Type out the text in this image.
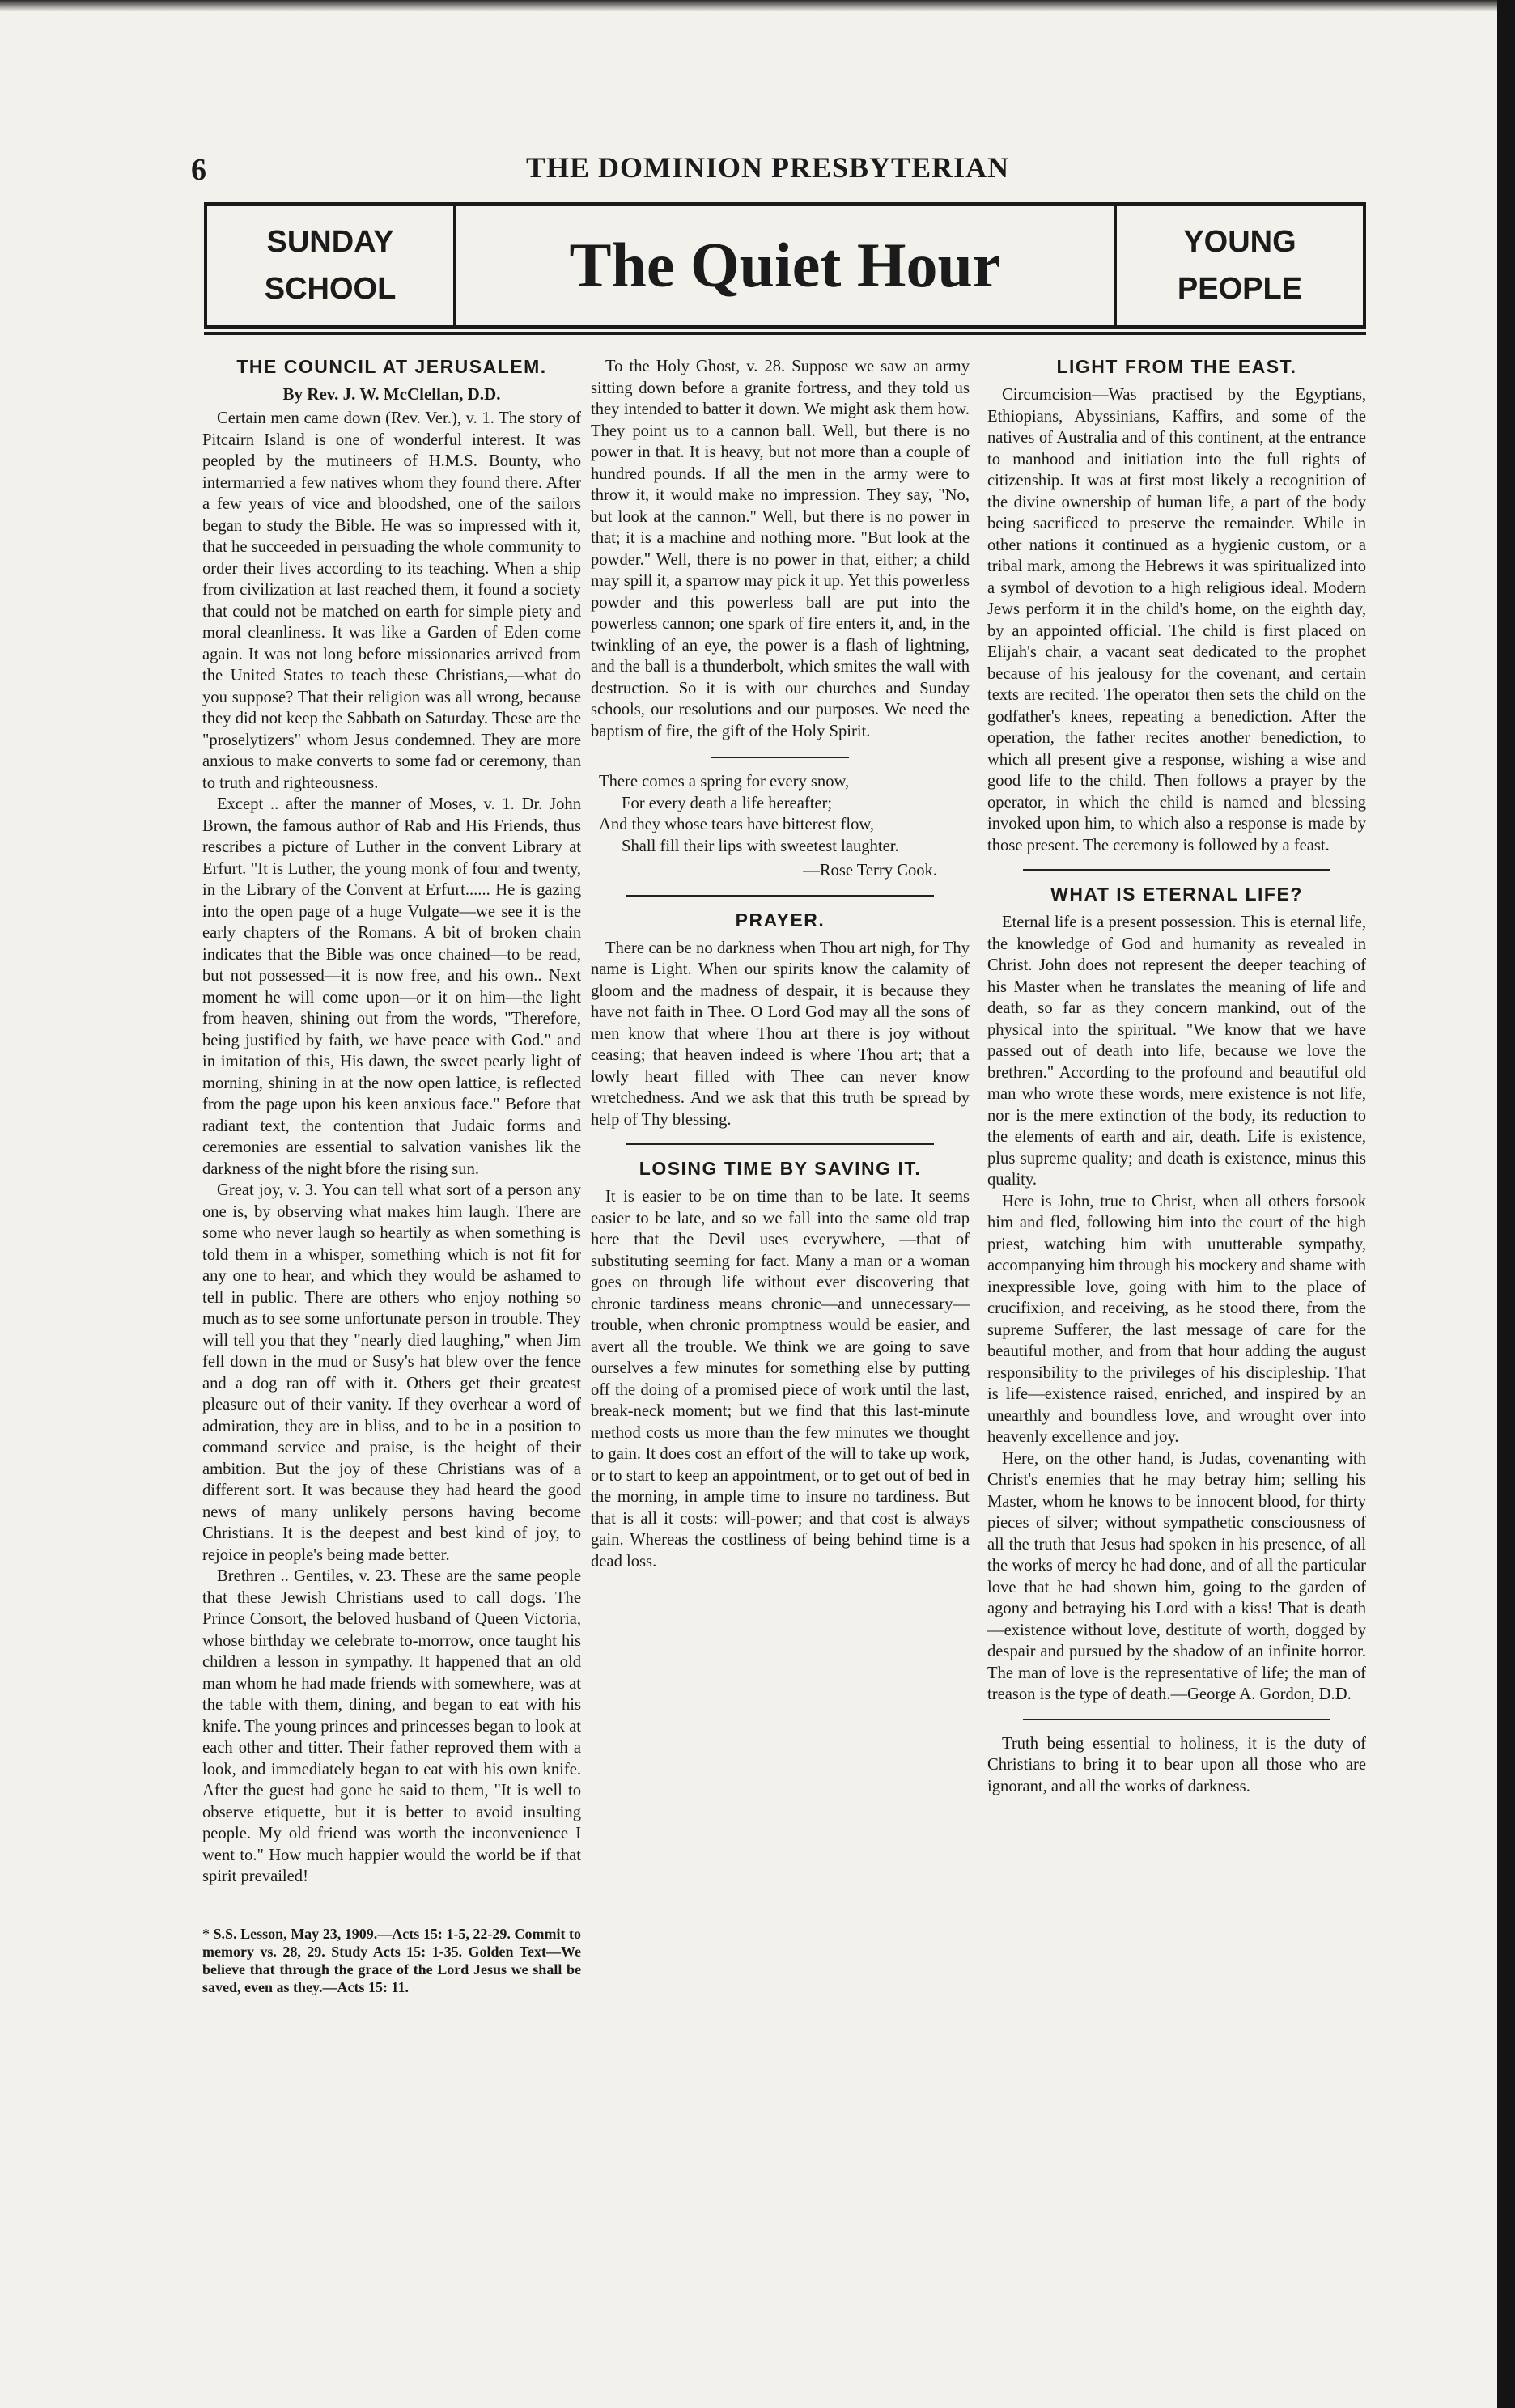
6	THE DOMINION PRESBYTERIAN
SUNDAY
SCHOOL	The Quiet Hour	YOUNG
PEOPLE
THE COUNCIL AT JERUSALEM.
By Rev. J. W. McClellan, D.D.

Certain men came down (Rev. Ver.), v. 1. The story of Pitcairn Island is one of wonderful interest. It was peopled by the mutineers of H.M.S. Bounty, who intermarried a few natives whom they found there. After a few years of vice and bloodshed, one of the sailors began to study the Bible. He was so impressed with it, that he succeeded in persuading the whole community to order their lives according to its teaching. When a ship from civilization at last reached them, it found a society that could not be matched on earth for simple piety and moral cleanliness. It was like a Garden of Eden come again. It was not long before missionaries arrived from the United States to teach these Christians,—what do you suppose? That their religion was all wrong, because they did not keep the Sabbath on Saturday. These are the "proselytizers" whom Jesus condemned. They are more anxious to make converts to some fad or ceremony, than to truth and righteousness.

Except .. after the manner of Moses, v. 1. Dr. John Brown, the famous author of Rab and His Friends, thus rescribes a picture of Luther in the convent Library at Erfurt. "It is Luther, the young monk of four and twenty, in the Library of the Convent at Erfurt...... He is gazing into the open page of a huge Vulgate—we see it is the early chapters of the Romans. A bit of broken chain indicates that the Bible was once chained—to be read, but not possessed—it is now free, and his own.. Next moment he will come upon—or it on him—the light from heaven, shining out from the words, "Therefore, being justified by faith, we have peace with God." and in imitation of this, His dawn, the sweet pearly light of morning, shining in at the now open lattice, is reflected from the page upon his keen anxious face." Before that radiant text, the contention that Judaic forms and ceremonies are essential to salvation vanishes lik the darkness of the night bfore the rising sun.

Great joy, v. 3. You can tell what sort of a person any one is, by observing what makes him laugh. There are some who never laugh so heartily as when something is told them in a whisper, something which is not fit for any one to hear, and which they would be ashamed to tell in public. There are others who enjoy nothing so much as to see some unfortunate person in trouble. They will tell you that they "nearly died laughing," when Jim fell down in the mud or Susy's hat blew over the fence and a dog ran off with it. Others get their greatest pleasure out of their vanity. If they overhear a word of admiration, they are in bliss, and to be in a position to command service and praise, is the height of their ambition. But the joy of these Christians was of a different sort. It was because they had heard the good news of many unlikely persons having become Christians. It is the deepest and best kind of joy, to rejoice in people's being made better.

Brethren .. Gentiles, v. 23. These are the same people that these Jewish Christians used to call dogs. The Prince Consort, the beloved husband of Queen Victoria, whose birthday we celebrate to-morrow, once taught his children a lesson in sympathy. It happened that an old man whom he had made friends with somewhere, was at the table with them, dining, and began to eat with his knife. The young princes and princesses began to look at each other and titter. Their father reproved them with a look, and immediately began to eat with his own knife. After the guest had gone he said to them, "It is well to observe etiquette, but it is better to avoid insulting people. My old friend was worth the inconvenience I went to." How much happier would the world be if that spirit prevailed!

To the Holy Ghost, v. 28. Suppose we saw an army sitting down before a granite fortress, and they told us they intended to batter it down. We might ask them how. They point us to a cannon ball. Well, but there is no power in that. It is heavy, but not more than a couple of hundred pounds. If all the men in the army were to throw it, it would make no impression. They say, "No, but look at the cannon." Well, but there is no power in that; it is a machine and nothing more. "But look at the powder." Well, there is no power in that, either; a child may spill it, a sparrow may pick it up. Yet this powerless powder and this powerless ball are put into the powerless cannon; one spark of fire enters it, and, in the twinkling of an eye, the power is a flash of lightning, and the ball is a thunderbolt, which smites the wall with destruction. So it is with our churches and Sunday schools, our resolutions and our purposes. We need the baptism of fire, the gift of the Holy Spirit.

There comes a spring for every snow,
For every death a life hereafter;
And they whose tears have bitterest flow,
Shall fill their lips with sweetest laughter.
—Rose Terry Cook.
PRAYER.

There can be no darkness when Thou art nigh, for Thy name is Light. When our spirits know the calamity of gloom and the madness of despair, it is because they have not faith in Thee. O Lord God may all the sons of men know that where Thou art there is joy without ceasing; that heaven indeed is where Thou art; that a lowly heart filled with Thee can never know wretchedness. And we ask that this truth be spread by help of Thy blessing.

LOSING TIME BY SAVING IT.

It is easier to be on time than to be late. It seems easier to be late, and so we fall into the same old trap here that the Devil uses everywhere, —that of substituting seeming for fact. Many a man or a woman goes on through life without ever discovering that chronic tardiness means chronic—and unnecessary—trouble, when chronic promptness would be easier, and avert all the trouble. We think we are going to save ourselves a few minutes for something else by putting off the doing of a promised piece of work until the last, break-neck moment; but we find that this last-minute method costs us more than the few minutes we thought to gain. It does cost an effort of the will to take up work, or to start to keep an appointment, or to get out of bed in the morning, in ample time to insure no tardiness. But that is all it costs: will-power; and that cost is always gain. Whereas the costliness of being behind time is a dead loss.

LIGHT FROM THE EAST.

Circumcision—Was practised by the Egyptians, Ethiopians, Abyssinians, Kaffirs, and some of the natives of Australia and of this continent, at the entrance to manhood and initiation into the full rights of citizenship. It was at first most likely a recognition of the divine ownership of human life, a part of the body being sacrificed to preserve the remainder. While in other nations it continued as a hygienic custom, or a tribal mark, among the Hebrews it was spiritualized into a symbol of devotion to a high religious ideal. Modern Jews perform it in the child's home, on the eighth day, by an appointed official. The child is first placed on Elijah's chair, a vacant seat dedicated to the prophet because of his jealousy for the covenant, and certain texts are recited. The operator then sets the child on the godfather's knees, repeating a benediction. After the operation, the father recites another benediction, to which all present give a response, wishing a wise and good life to the child. Then follows a prayer by the operator, in which the child is named and blessing invoked upon him, to which also a response is made by those present. The ceremony is followed by a feast.

WHAT IS ETERNAL LIFE?

Eternal life is a present possession. This is eternal life, the knowledge of God and humanity as revealed in Christ. John does not represent the deeper teaching of his Master when he translates the meaning of life and death, so far as they concern mankind, out of the physical into the spiritual. "We know that we have passed out of death into life, because we love the brethren." According to the profound and beautiful old man who wrote these words, mere existence is not life, nor is the mere extinction of the body, its reduction to the elements of earth and air, death. Life is existence, plus supreme quality; and death is existence, minus this quality.

Here is John, true to Christ, when all others forsook him and fled, following him into the court of the high priest, watching him with unutterable sympathy, accompanying him through his mockery and shame with inexpressible love, going with him to the place of crucifixion, and receiving, as he stood there, from the supreme Sufferer, the last message of care for the beautiful mother, and from that hour adding the august responsibility to the privileges of his discipleship. That is life—existence raised, enriched, and inspired by an unearthly and boundless love, and wrought over into heavenly excellence and joy.

Here, on the other hand, is Judas, covenanting with Christ's enemies that he may betray him; selling his Master, whom he knows to be innocent blood, for thirty pieces of silver; without sympathetic consciousness of all the truth that Jesus had spoken in his presence, of all the works of mercy he had done, and of all the particular love that he had shown him, going to the garden of agony and betraying his Lord with a kiss! That is death—existence without love, destitute of worth, dogged by despair and pursued by the shadow of an infinite horror. The man of love is the representative of life; the man of treason is the type of death.—George A. Gordon, D.D.

Truth being essential to holiness, it is the duty of Christians to bring it to bear upon all those who are ignorant, and all the works of darkness.

* S.S. Lesson, May 23, 1909.—Acts 15: 1-5, 22-29. Commit to memory vs. 28, 29. Study Acts 15: 1-35. Golden Text—We believe that through the grace of the Lord Jesus we shall be saved, even as they.—Acts 15: 11.
